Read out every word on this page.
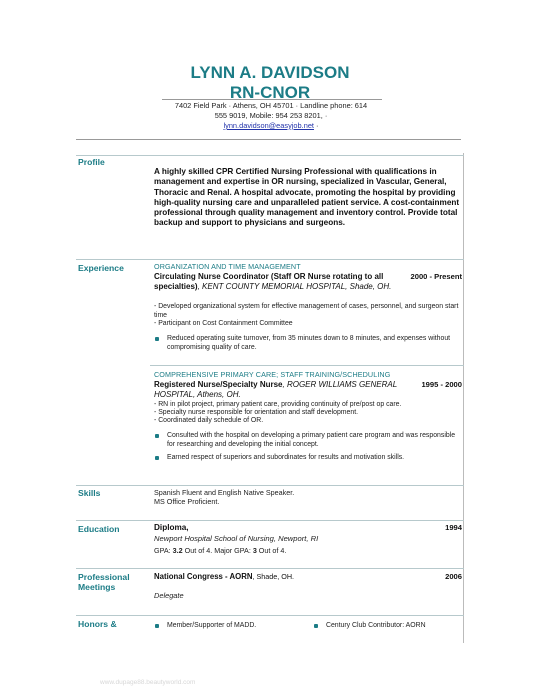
LYNN A. DAVIDSON
RN-CNOR
7402 Field Park · Athens, OH 45701 · Landline phone: 614
555 9019, Mobile: 954 253 8201, ·
lynn.davidson@easyjob.net ·
Profile
A highly skilled CPR Certified Nursing Professional with qualifications in management and expertise in OR nursing, specialized in Vascular, General, Thoracic and Renal. A hospital advocate, promoting the hospital by providing high-quality nursing care and unparalleled patient service. A cost-containment professional through quality management and inventory control. Provide total backup and support to physicians and surgeons.
Experience	ORGANIZATION AND TIME MANAGEMENT
Circulating Nurse Coordinator (Staff OR Nurse rotating to all specialties), KENT COUNTY MEMORIAL HOSPITAL, Shade, OH.
2000 - Present
- Developed organizational system for effective management of cases, personnel, and surgeon start time
- Participant on Cost Containment Committee
Reduced operating suite turnover, from 35 minutes down to 8 minutes, and expenses without compromising quality of care.
COMPREHENSIVE PRIMARY CARE; STAFF TRAINING/SCHEDULING
Registered Nurse/Specialty Nurse, ROGER WILLIAMS GENERAL HOSPITAL, Athens, OH.
1995 - 2000
- RN in pilot project, primary patient care, providing continuity of pre/post op care.
- Specialty nurse responsible for orientation and staff development.
- Coordinated daily schedule of OR.
Consulted with the hospital on developing a primary patient care program and was responsible for researching and developing the initial concept.
Earned respect of superiors and subordinates for results and motivation skills.
Skills	Spanish Fluent and English Native Speaker.
MS Office Proficient.
Education	Diploma,	1994
Newport Hospital School of Nursing, Newport, RI
GPA: 3.2 Out of 4. Major GPA: 3 Out of 4.
Professional
Meetings
National Congress - AORN, Shade, OH.	2006
Delegate
Honors &	Member/Supporter of MADD.	Century Club Contributor: AORN
www.dupage88.beautyworld.com
